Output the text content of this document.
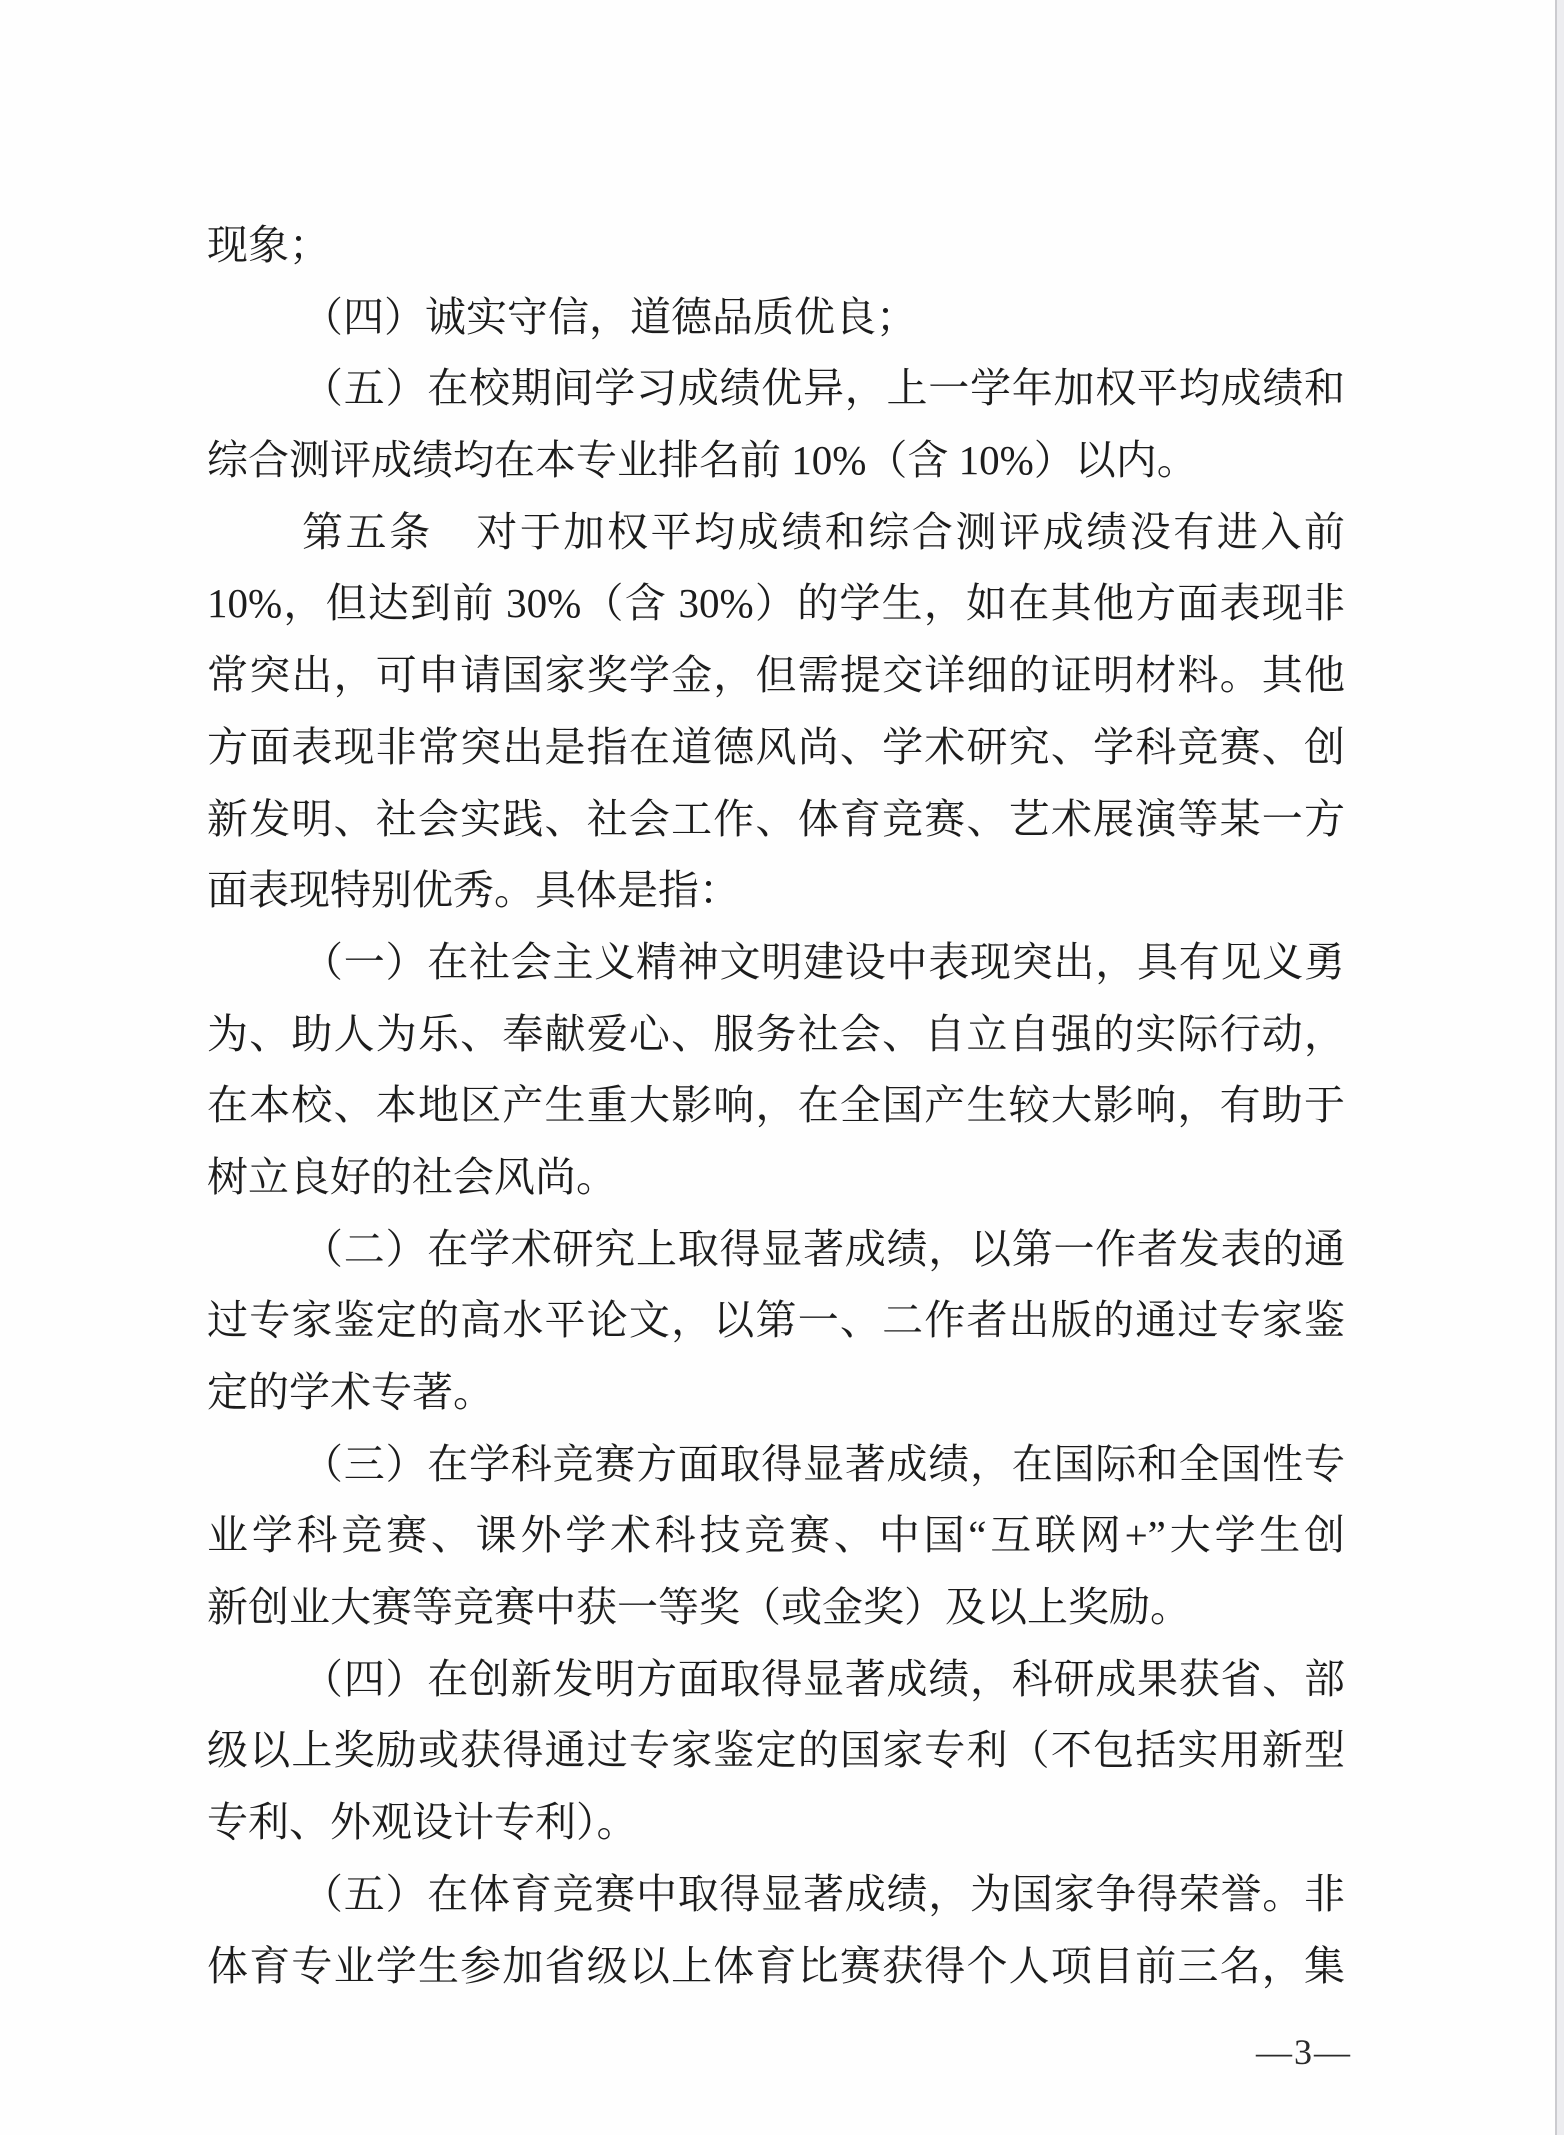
现象；
（四）诚实守信，道德品质优良；
（五）在校期间学习成绩优异，上一学年加权平均成绩和
综合测评成绩均在本专业排名前 10%（含 10%）以内。
第五条　对于加权平均成绩和综合测评成绩没有进入前
10%，但达到前 30%（含 30%）的学生，如在其他方面表现非
常突出，可申请国家奖学金，但需提交详细的证明材料。其他
方面表现非常突出是指在道德风尚、学术研究、学科竞赛、创
新发明、社会实践、社会工作、体育竞赛、艺术展演等某一方
面表现特别优秀。具体是指：
（一）在社会主义精神文明建设中表现突出，具有见义勇
为、助人为乐、奉献爱心、服务社会、自立自强的实际行动，
在本校、本地区产生重大影响，在全国产生较大影响，有助于
树立良好的社会风尚。
（二）在学术研究上取得显著成绩，以第一作者发表的通
过专家鉴定的高水平论文，以第一、二作者出版的通过专家鉴
定的学术专著。
（三）在学科竞赛方面取得显著成绩，在国际和全国性专
业学科竞赛、课外学术科技竞赛、中国“互联网+”大学生创
新创业大赛等竞赛中获一等奖（或金奖）及以上奖励。
（四）在创新发明方面取得显著成绩，科研成果获省、部
级以上奖励或获得通过专家鉴定的国家专利（不包括实用新型
专利、外观设计专利）。
（五）在体育竞赛中取得显著成绩，为国家争得荣誉。非
体育专业学生参加省级以上体育比赛获得个人项目前三名，集
—3—
